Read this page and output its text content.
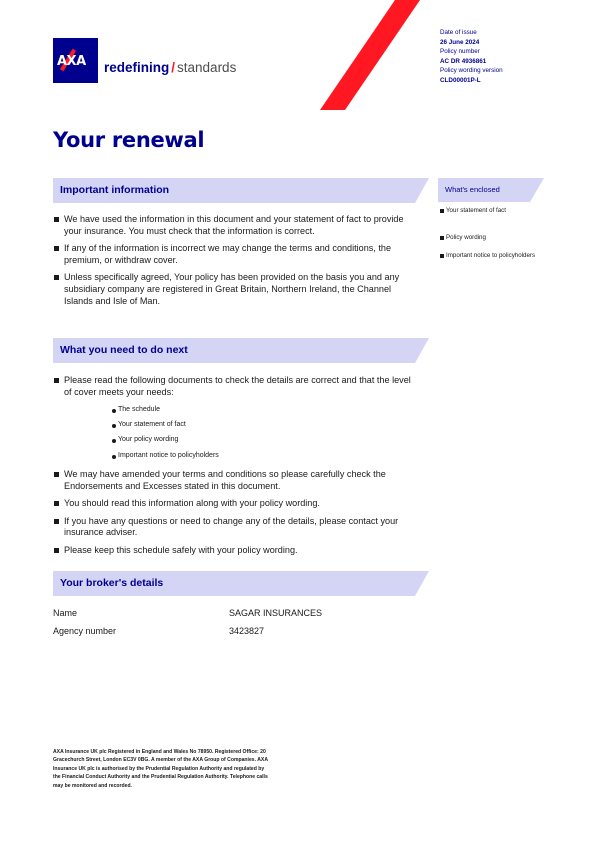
AXA redefining / standards
Date of issue
26 June 2024
Policy number
AC DR 4936861
Policy wording version
CLD00001P-L
Your renewal
Important information
We have used the information in this document and your statement of fact to provide your insurance. You must check that the information is correct.
If any of the information is incorrect we may change the terms and conditions, the premium, or withdraw cover.
Unless specifically agreed, Your policy has been provided on the basis you and any subsidiary company are registered in Great Britain, Northern Ireland, the Channel Islands and Isle of Man.
What's enclosed
Your statement of fact
Policy wording
Important notice to policyholders
What you need to do next
Please read the following documents to check the details are correct and that the level of cover meets your needs:
The schedule
Your statement of fact
Your policy wording
Important notice to policyholders
We may have amended your terms and conditions so please carefully check the Endorsements and Excesses stated in this document.
You should read this information along with your policy wording.
If you have any questions or need to change any of the details, please contact your insurance adviser.
Please keep this schedule safely with your policy wording.
Your broker's details
Name	SAGAR INSURANCES
Agency number	3423827
AXA Insurance UK plc Registered in England and Wales No 78950. Registered Office: 20 Gracechurch Street, London EC3V 0BG. A member of the AXA Group of Companies. AXA Insurance UK plc is authorised by the Prudential Regulation Authority and regulated by the Financial Conduct Authority and the Prudential Regulation Authority. Telephone calls may be monitored and recorded.
